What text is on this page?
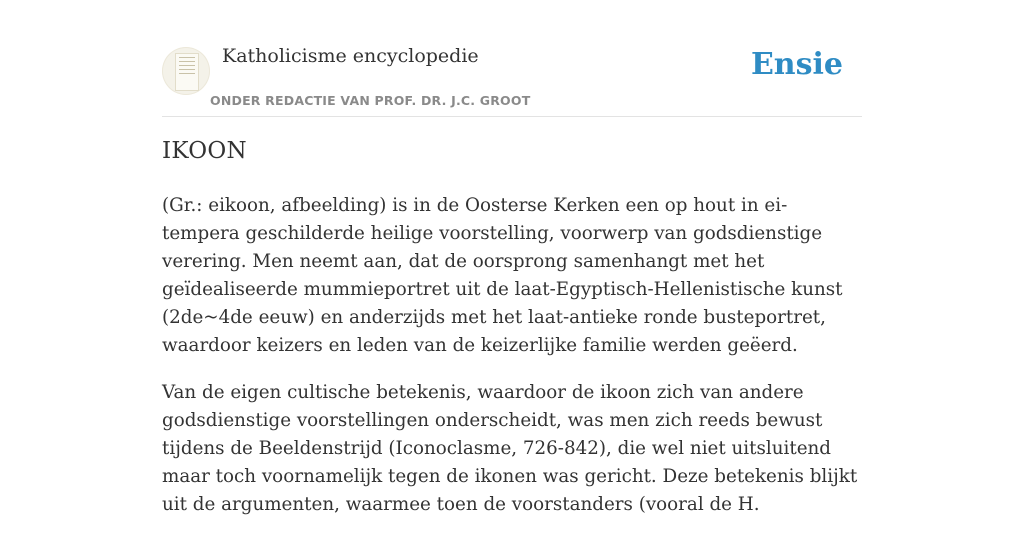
Katholicisme encyclopedie
ONDER REDACTIE VAN PROF. DR. J.C. GROOT
Ensie
IKOON

(Gr.: eikoon, afbeelding) is in de Oosterse Kerken een op hout in ei-tempera geschilderde heilige voorstelling, voorwerp van godsdienstige verering. Men neemt aan, dat de oorsprong samenhangt met het geïdealiseerde mummieportret uit de laat-Egyptisch-Hellenistische kunst (2de~4de eeuw) en anderzijds met het laat-antieke ronde busteportret, waardoor keizers en leden van de keizerlijke familie werden geëerd.

Van de eigen cultische betekenis, waardoor de ikoon zich van andere godsdienstige voorstellingen onderscheidt, was men zich reeds bewust tijdens de Beeldenstrijd (Iconoclasme, 726-842), die wel niet uitsluitend maar toch voornamelijk tegen de ikonen was gericht. Deze betekenis blijkt uit de argumenten, waarmee toen de voorstanders (vooral de H.
